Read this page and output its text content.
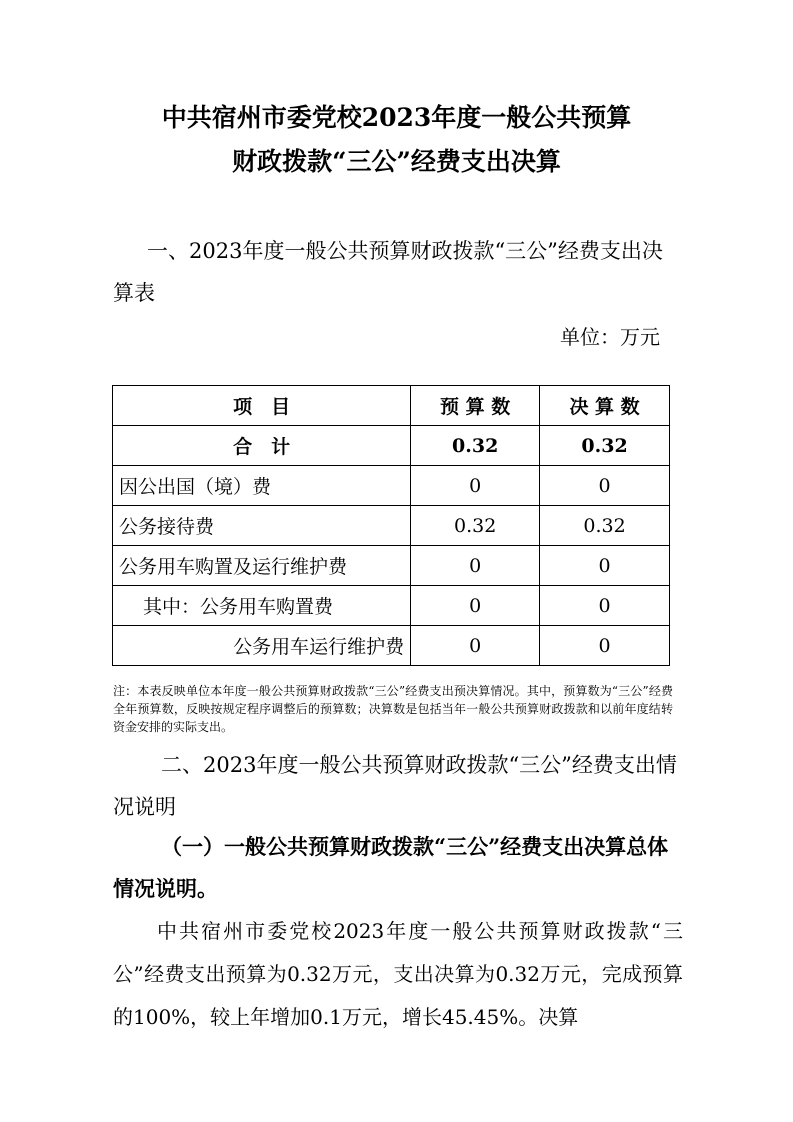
中共宿州市委党校2023年度一般公共预算
财政拨款“三公”经费支出决算
一、2023年度一般公共预算财政拨款“三公”经费支出决算表
单位：万元
项　目	预 算 数	决 算 数
合　计	0.32	0.32
因公出国（境）费	0	0
公务接待费	0.32	0.32
公务用车购置及运行维护费	0	0
其中：公务用车购置费	0	0
公务用车运行维护费	0	0
注：本表反映单位本年度一般公共预算财政拨款“三公”经费支出预决算情况。其中，预算数为“三公”经费全年预算数，反映按规定程序调整后的预算数；决算数是包括当年一般公共预算财政拨款和以前年度结转资金安排的实际支出。
二、2023年度一般公共预算财政拨款“三公”经费支出情况说明
（一）一般公共预算财政拨款“三公”经费支出决算总体情况说明。
中共宿州市委党校2023年度一般公共预算财政拨款“三公”经费支出预算为0.32万元，支出决算为0.32万元，完成预算的100%，较上年增加0.1万元，增长45.45%。决算
